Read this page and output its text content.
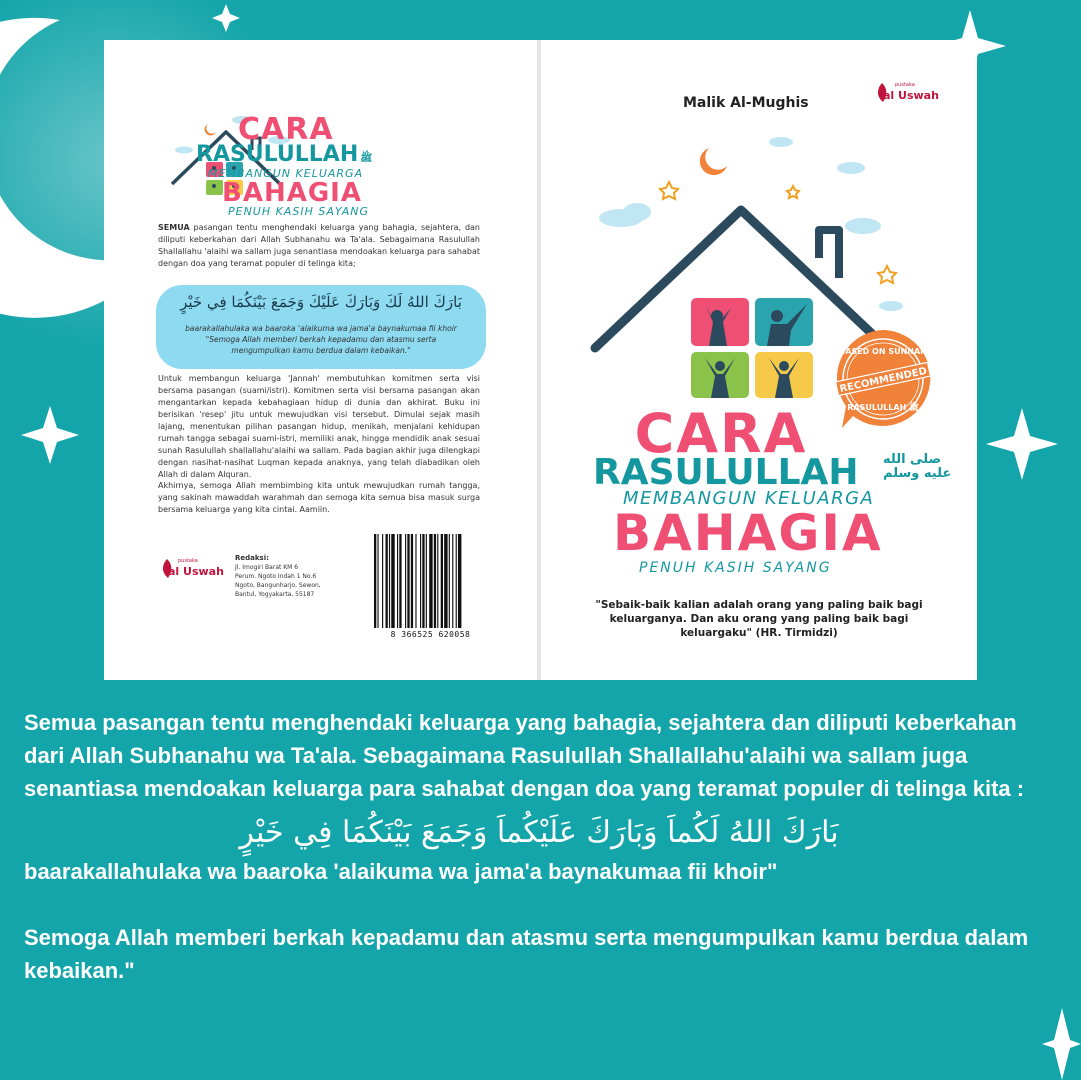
CARA
RASULULLAH ﷺ
MEMBANGUN KELUARGA
BAHAGIA
PENUH KASIH SAYANG
SEMUA pasangan tentu menghendaki keluarga yang bahagia, sejahtera, dan diliputi keberkahan dari Allah Subhanahu wa Ta'ala. Sebagaimana Rasulullah Shallallahu 'alaihi wa sallam juga senantiasa mendoakan keluarga para sahabat dengan doa yang teramat populer di telinga kita;
بَارَكَ اللهُ لَكَ وَبَارَكَ عَلَيْكَ وَجَمَعَ بَيْنَكُمَا فِي خَيْرٍ
baarakallahulaka wa baaroka 'alaikuma wa jama'a baynakumaa fii khoir
"Semoga Allah memberi berkah kepadamu dan atasmu serta mengumpulkan kamu berdua dalam kebaikan."
Untuk membangun keluarga 'Jannah' membutuhkan komitmen serta visi bersama pasangan (suami/istri). Komitmen serta visi bersama pasangan akan mengantarkan kepada kebahagiaan hidup di dunia dan akhirat. Buku ini berisikan 'resep' jitu untuk mewujudkan visi tersebut. Dimulai sejak masih lajang, menentukan pilihan pasangan hidup, menikah, menjalani kehidupan rumah tangga sebagai suami-istri, memiliki anak, hingga mendidik anak sesuai sunah Rasulullah shallallahu'alaihi wa sallam. Pada bagian akhir juga dilengkapi dengan nasihat-nasihat Luqman kepada anaknya, yang telah diabadikan oleh Allah di dalam Alquran.
Akhirnya, semoga Allah membimbing kita untuk mewujudkan rumah tangga, yang sakinah mawaddah warahmah dan semoga kita semua bisa masuk surga bersama keluarga yang kita cintai. Aamiin.
pustaka
al Uswah
Redaksi:
Jl. Imogiri Barat KM 6
Perum. Ngoto Indah 1 No.6
Ngoto, Bangunharjo, Sewon,
Bantul, Yogyakarta, 55187
8 366525 620058
Malik Al-Mughis
pustaka
al Uswah
BASED ON SUNNAH
RECOMMENDED
RASULULLAH ﷺ
CARA
RASULULLAH صلى الله
عليه وسلم
MEMBANGUN KELUARGA
BAHAGIA
PENUH KASIH SAYANG
"Sebaik-baik kalian adalah orang yang paling baik bagi keluarganya. Dan aku orang yang paling baik bagi keluargaku" (HR. Tirmidzi)

Semua pasangan tentu menghendaki keluarga yang bahagia, sejahtera dan diliputi keberkahan dari Allah Subhanahu wa Ta'ala. Sebagaimana Rasulullah Shallallahu'alaihi wa sallam juga senantiasa mendoakan keluarga para sahabat dengan doa yang teramat populer di telinga kita :

بَارَكَ اللهُ لَكُماَ وَبَارَكَ عَلَيْكُماَ وَجَمَعَ بَيْنَكُمَا فِي خَيْرٍ

baarakallahulaka wa baaroka 'alaikuma wa jama'a baynakumaa fii khoir"

Semoga Allah memberi berkah kepadamu dan atasmu serta mengumpulkan kamu berdua dalam kebaikan."
